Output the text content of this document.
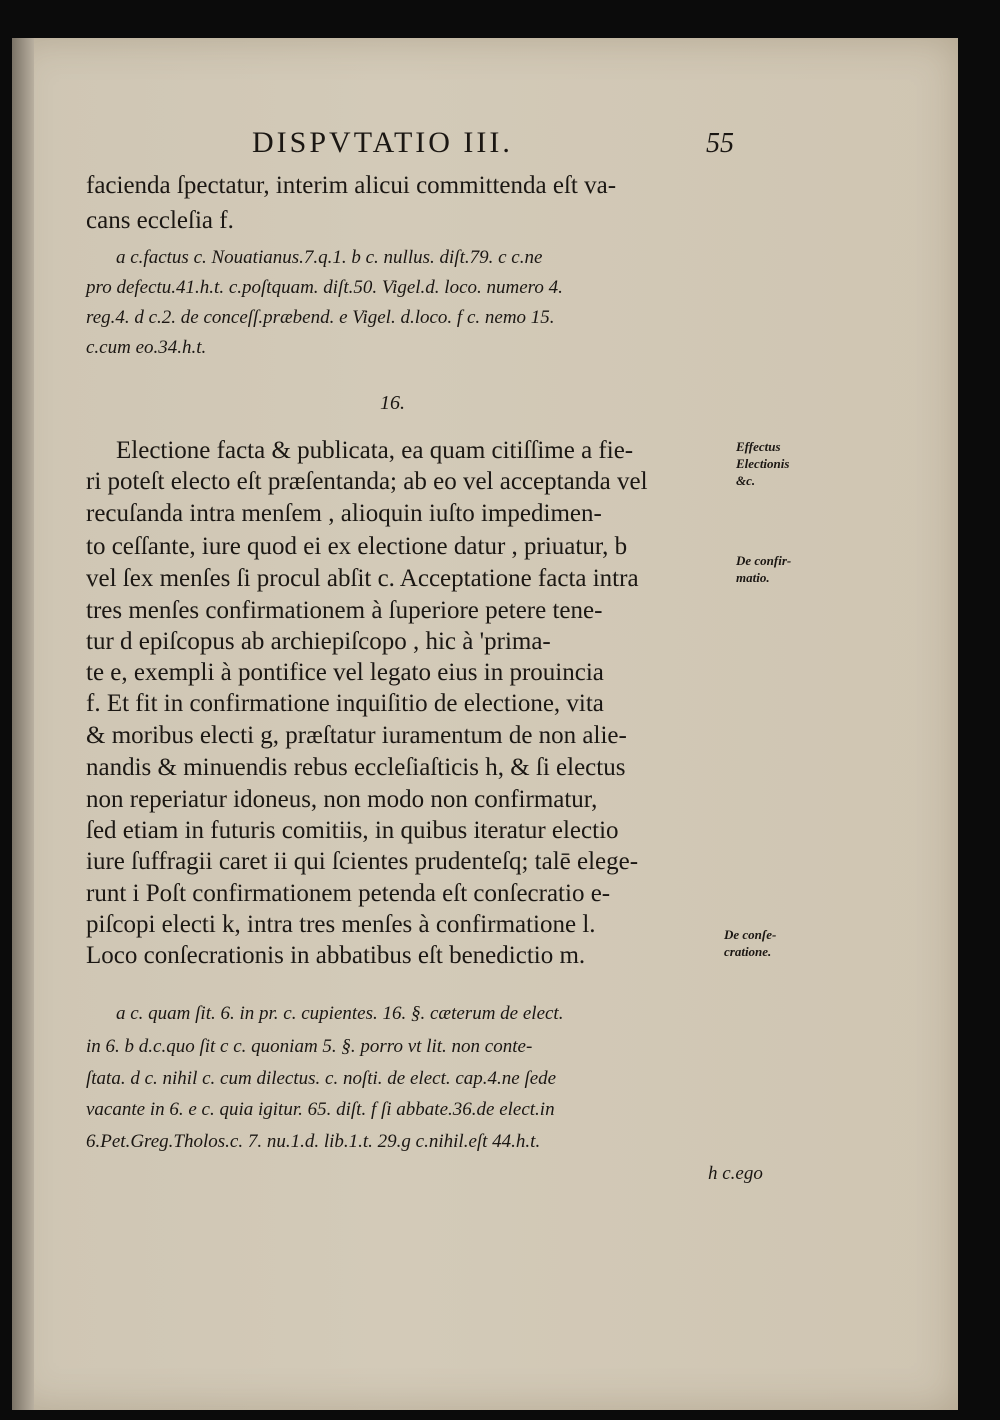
DISPVTATIO III.	55
facienda ſpectatur, interim alicui committenda eſt va-
cans eccleſia f.
a c.factus c. Nouatianus.7.q.1. b c. nullus. diſt.79. c c.ne
pro defectu.41.h.t. c.poſtquam. diſt.50. Vigel.d. loco. numero 4.
reg.4. d c.2. de conceſſ.præbend. e Vigel. d.loco. f c. nemo 15.
c.cum eo.34.h.t.
16.
Electione facta & publicata, ea quam citiſſime a fie-
ri poteſt electo eſt præſentanda; ab eo vel acceptanda vel
recuſanda intra menſem , alioquin iuſto impedimen-
to ceſſante, iure quod ei ex electione datur , priuatur, b
vel ſex menſes ſi procul abſit c. Acceptatione facta intra
tres menſes confirmationem à ſuperiore petere tene-
tur d epiſcopus ab archiepiſcopo , hic à 'prima-
te e, exempli à pontifice vel legato eius in prouincia
f. Et fit in confirmatione inquiſitio de electione, vita
& moribus electi g, præſtatur iuramentum de non alie-
nandis & minuendis rebus eccleſiaſticis h, & ſi electus
non reperiatur idoneus, non modo non confirmatur,
ſed etiam in futuris comitiis, in quibus iteratur electio
iure ſuffragii caret ii qui ſcientes prudenteſq; talē elege-
runt i Poſt confirmationem petenda eſt conſecratio e-
piſcopi electi k, intra tres menſes à confirmatione l.
Loco conſecrationis in abbatibus eſt benedictio m.
Effectus
Electionis
&c.
De confir-
matio.
De conſe-
cratione.
a c. quam ſit. 6. in pr. c. cupientes. 16. §. cæterum de elect.
in 6. b d.c.quo ſit c c. quoniam 5. §. porro vt lit. non conte-
ſtata. d c. nihil c. cum dilectus. c. noſti. de elect. cap.4.ne ſede
vacante in 6. e c. quia igitur. 65. diſt. f ſi abbate.36.de elect.in
6.Pet.Greg.Tholos.c. 7. nu.1.d. lib.1.t. 29.g c.nihil.eſt 44.h.t.
h c.ego
